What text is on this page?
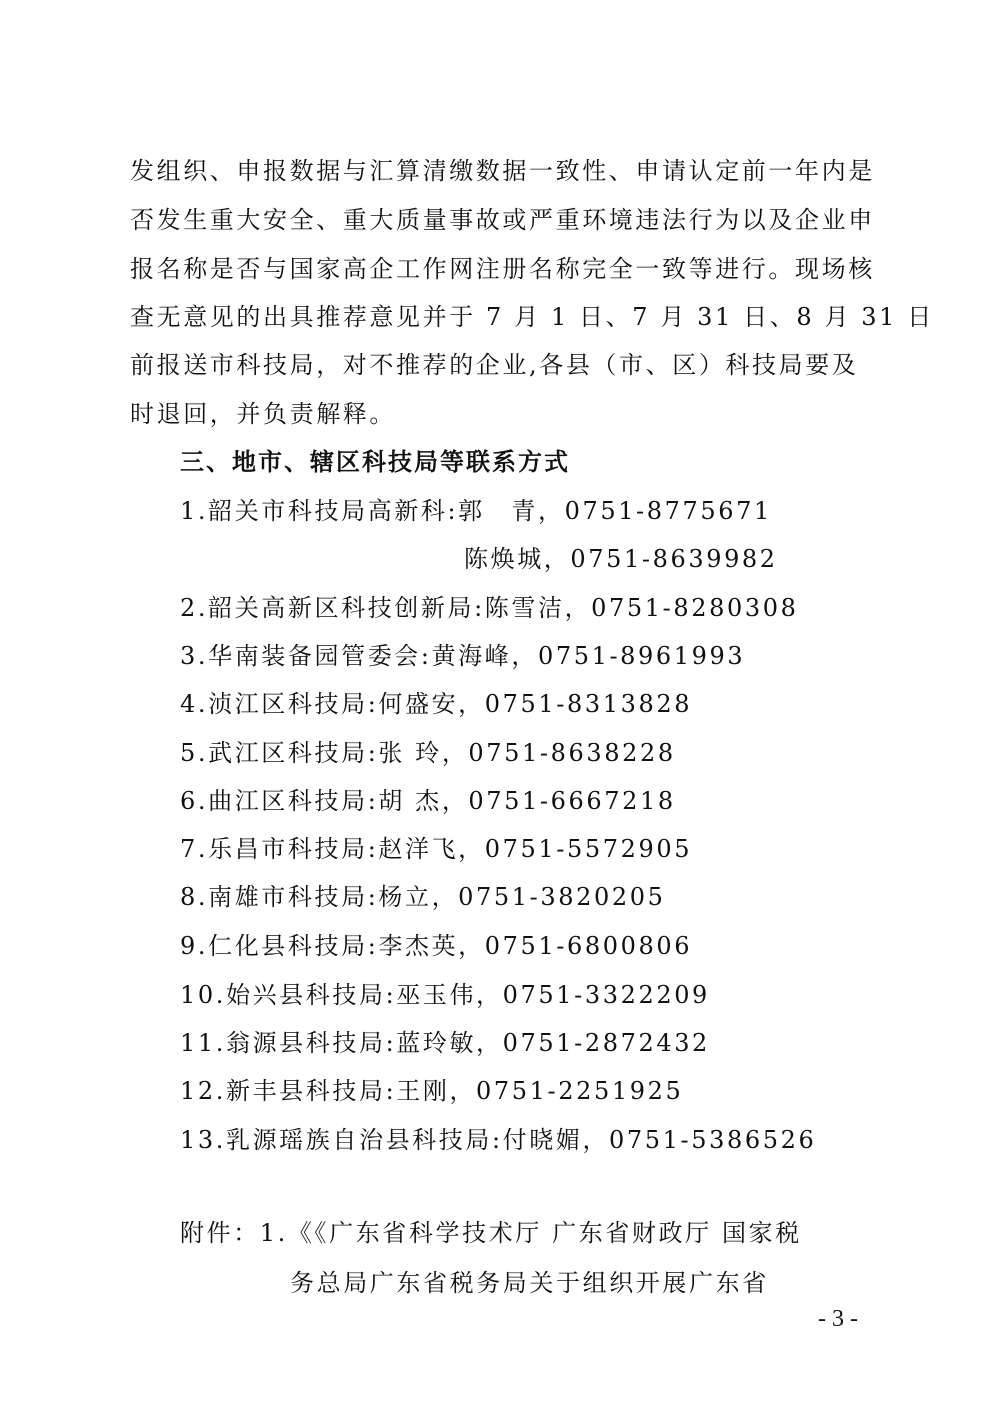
发组织、申报数据与汇算清缴数据一致性、申请认定前一年内是
否发生重大安全、重大质量事故或严重环境违法行为以及企业申
报名称是否与国家高企工作网注册名称完全一致等进行。现场核
查无意见的出具推荐意见并于 7 月 1 日、7 月 31 日、8 月 31 日
前报送市科技局，对不推荐的企业,各县（市、区）科技局要及
时退回，并负责解释。
三、地市、辖区科技局等联系方式
1.韶关市科技局高新科:郭　青，0751-8775671
陈焕城，0751-8639982
2.韶关高新区科技创新局:陈雪洁，0751-8280308
3.华南装备园管委会:黄海峰，0751-8961993
4.浈江区科技局:何盛安，0751-8313828
5.武江区科技局:张 玲，0751-8638228
6.曲江区科技局:胡 杰，0751-6667218
7.乐昌市科技局:赵洋飞，0751-5572905
8.南雄市科技局:杨立，0751-3820205
9.仁化县科技局:李杰英，0751-6800806
10.始兴县科技局:巫玉伟，0751-3322209
11.翁源县科技局:蓝玲敏，0751-2872432
12.新丰县科技局:王刚，0751-2251925
13.乳源瑶族自治县科技局:付晓媚，0751-5386526
附件：1.《《广东省科学技术厅 广东省财政厅 国家税
务总局广东省税务局关于组织开展广东省
- 3 -
